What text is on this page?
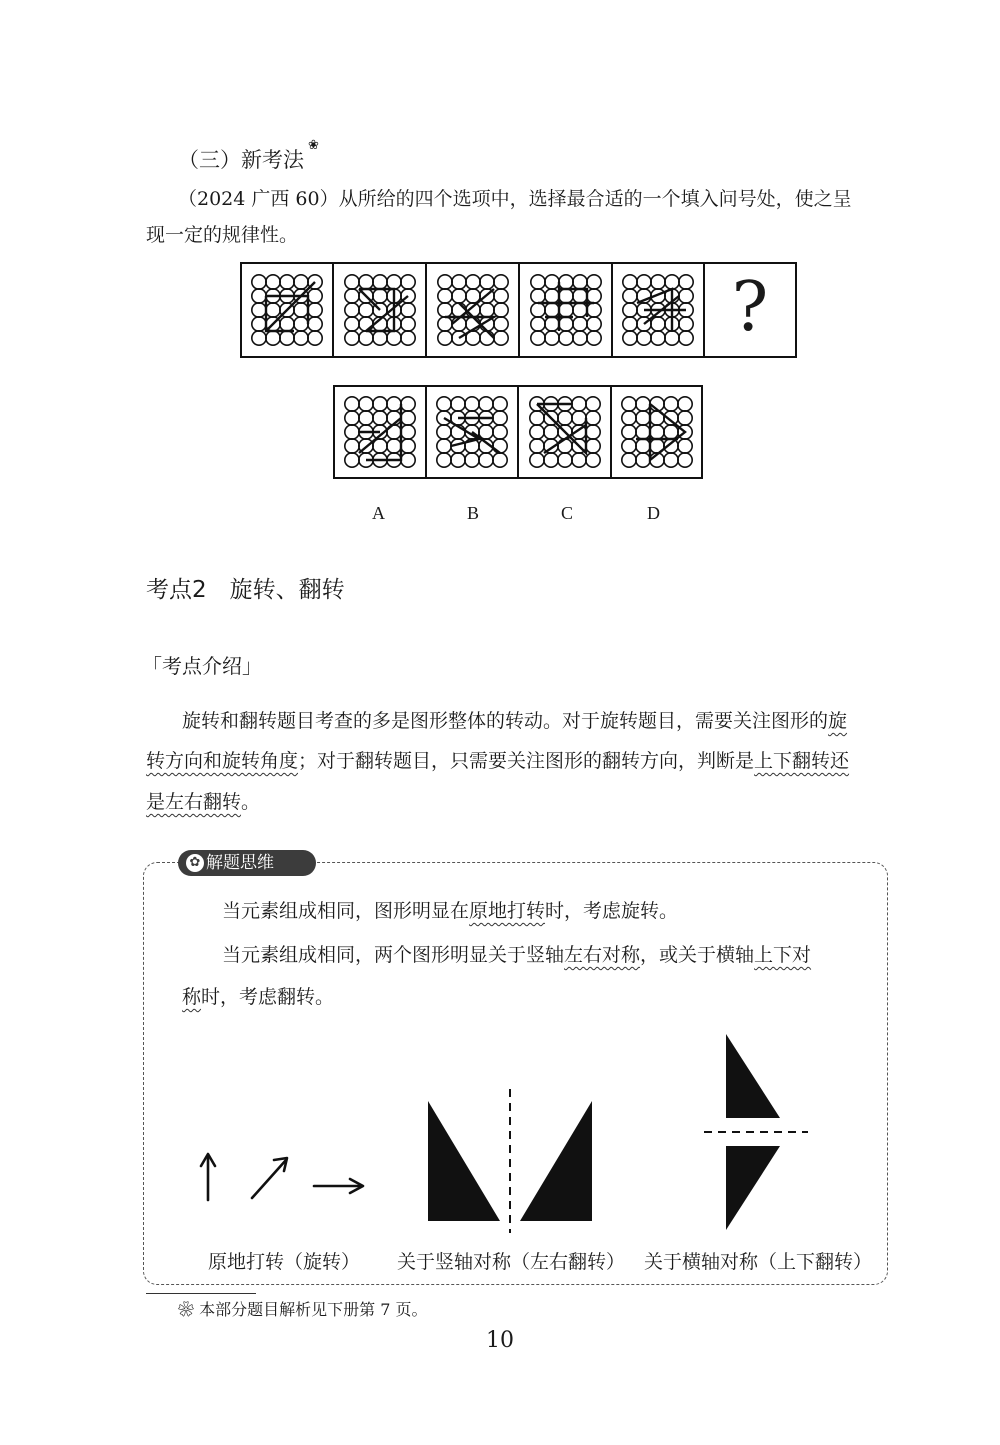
（三）新考法
❀
（2024 广西 60）从所给的四个选项中，选择最合适的一个填入问号处，使之呈
现一定的规律性。
?
A	B	C	D
考点2　旋转、翻转
「考点介绍」
旋转和翻转题目考查的多是图形整体的转动。对于旋转题目，需要关注图形的旋
转方向和旋转角度；对于翻转题目，只需要关注图形的翻转方向，判断是上下翻转还
是左右翻转。
✿ 解题思维
当元素组成相同，图形明显在原地打转时，考虑旋转。
当元素组成相同，两个图形明显关于竖轴左右对称，或关于横轴上下对
称时，考虑翻转。
原地打转（旋转） 关于竖轴对称（左右翻转） 关于横轴对称（上下翻转）
❀ 本部分题目解析见下册第 7 页。
10
